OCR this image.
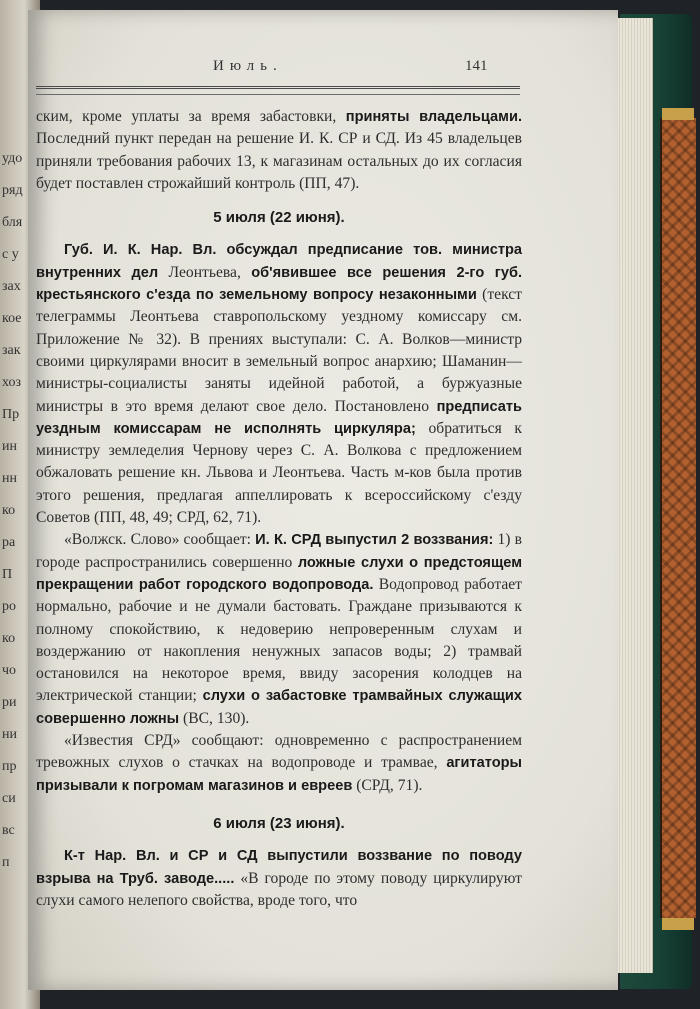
удо
ряд
бля
с у
зах
кое
зак
хоз
Пр
ин
нн
ко
ра
П
ро
ко
чо
ри
ни
пр
си
вс
п
Июль.	141

ским, кроме уплаты за время забастовки, приняты владельцами. Последний пункт передан на решение И. К. СР и СД. Из 45 владельцев приняли требования рабочих 13, к магазинам остальных до их согласия будет поставлен строжайший контроль (ПП, 47).

5 июля (22 июня).

Губ. И. К. Нар. Вл. обсуждал предписание тов. министра внутренних дел Леонтьева, об'явившее все решения 2-го губ. крестьянского с'езда по земельному вопросу незаконными (текст телеграммы Леонтьева ставропольскому уездному комиссару см. Приложение № 32). В прениях выступали: С. А. Волков—министр своими циркулярами вносит в земельный вопрос анархию; Шаманин—министры-социалисты заняты идейной работой, а буржуазные министры в это время делают свое дело. Постановлено предписать уездным комиссарам не исполнять циркуляра; обратиться к министру земледелия Чернову через С. А. Волкова с предложением обжаловать решение кн. Львова и Леонтьева. Часть м-ков была против этого решения, предлагая аппеллировать к всероссийскому с'езду Советов (ПП, 48, 49; СРД, 62, 71).

«Волжск. Слово» сообщает: И. К. СРД выпустил 2 воззвания: 1) в городе распространились совершенно ложные слухи о предстоящем прекращении работ городского водопровода. Водопровод работает нормально, рабочие и не думали бастовать. Граждане призываются к полному спокойствию, к недоверию непроверенным слухам и воздержанию от накопления ненужных запасов воды; 2) трамвай остановился на некоторое время, ввиду засорения колодцев на электрической станции; слухи о забастовке трамвайных служащих совершенно ложны (ВС, 130).

«Известия СРД» сообщают: одновременно с распространением тревожных слухов о стачках на водопроводе и трамвае, агитаторы призывали к погромам магазинов и евреев (СРД, 71).

6 июля (23 июня).

К-т Нар. Вл. и СР и СД выпустили воззвание по поводу взрыва на Труб. заводе..... «В городе по этому поводу циркулируют слухи самого нелепого свойства, вроде того, что
